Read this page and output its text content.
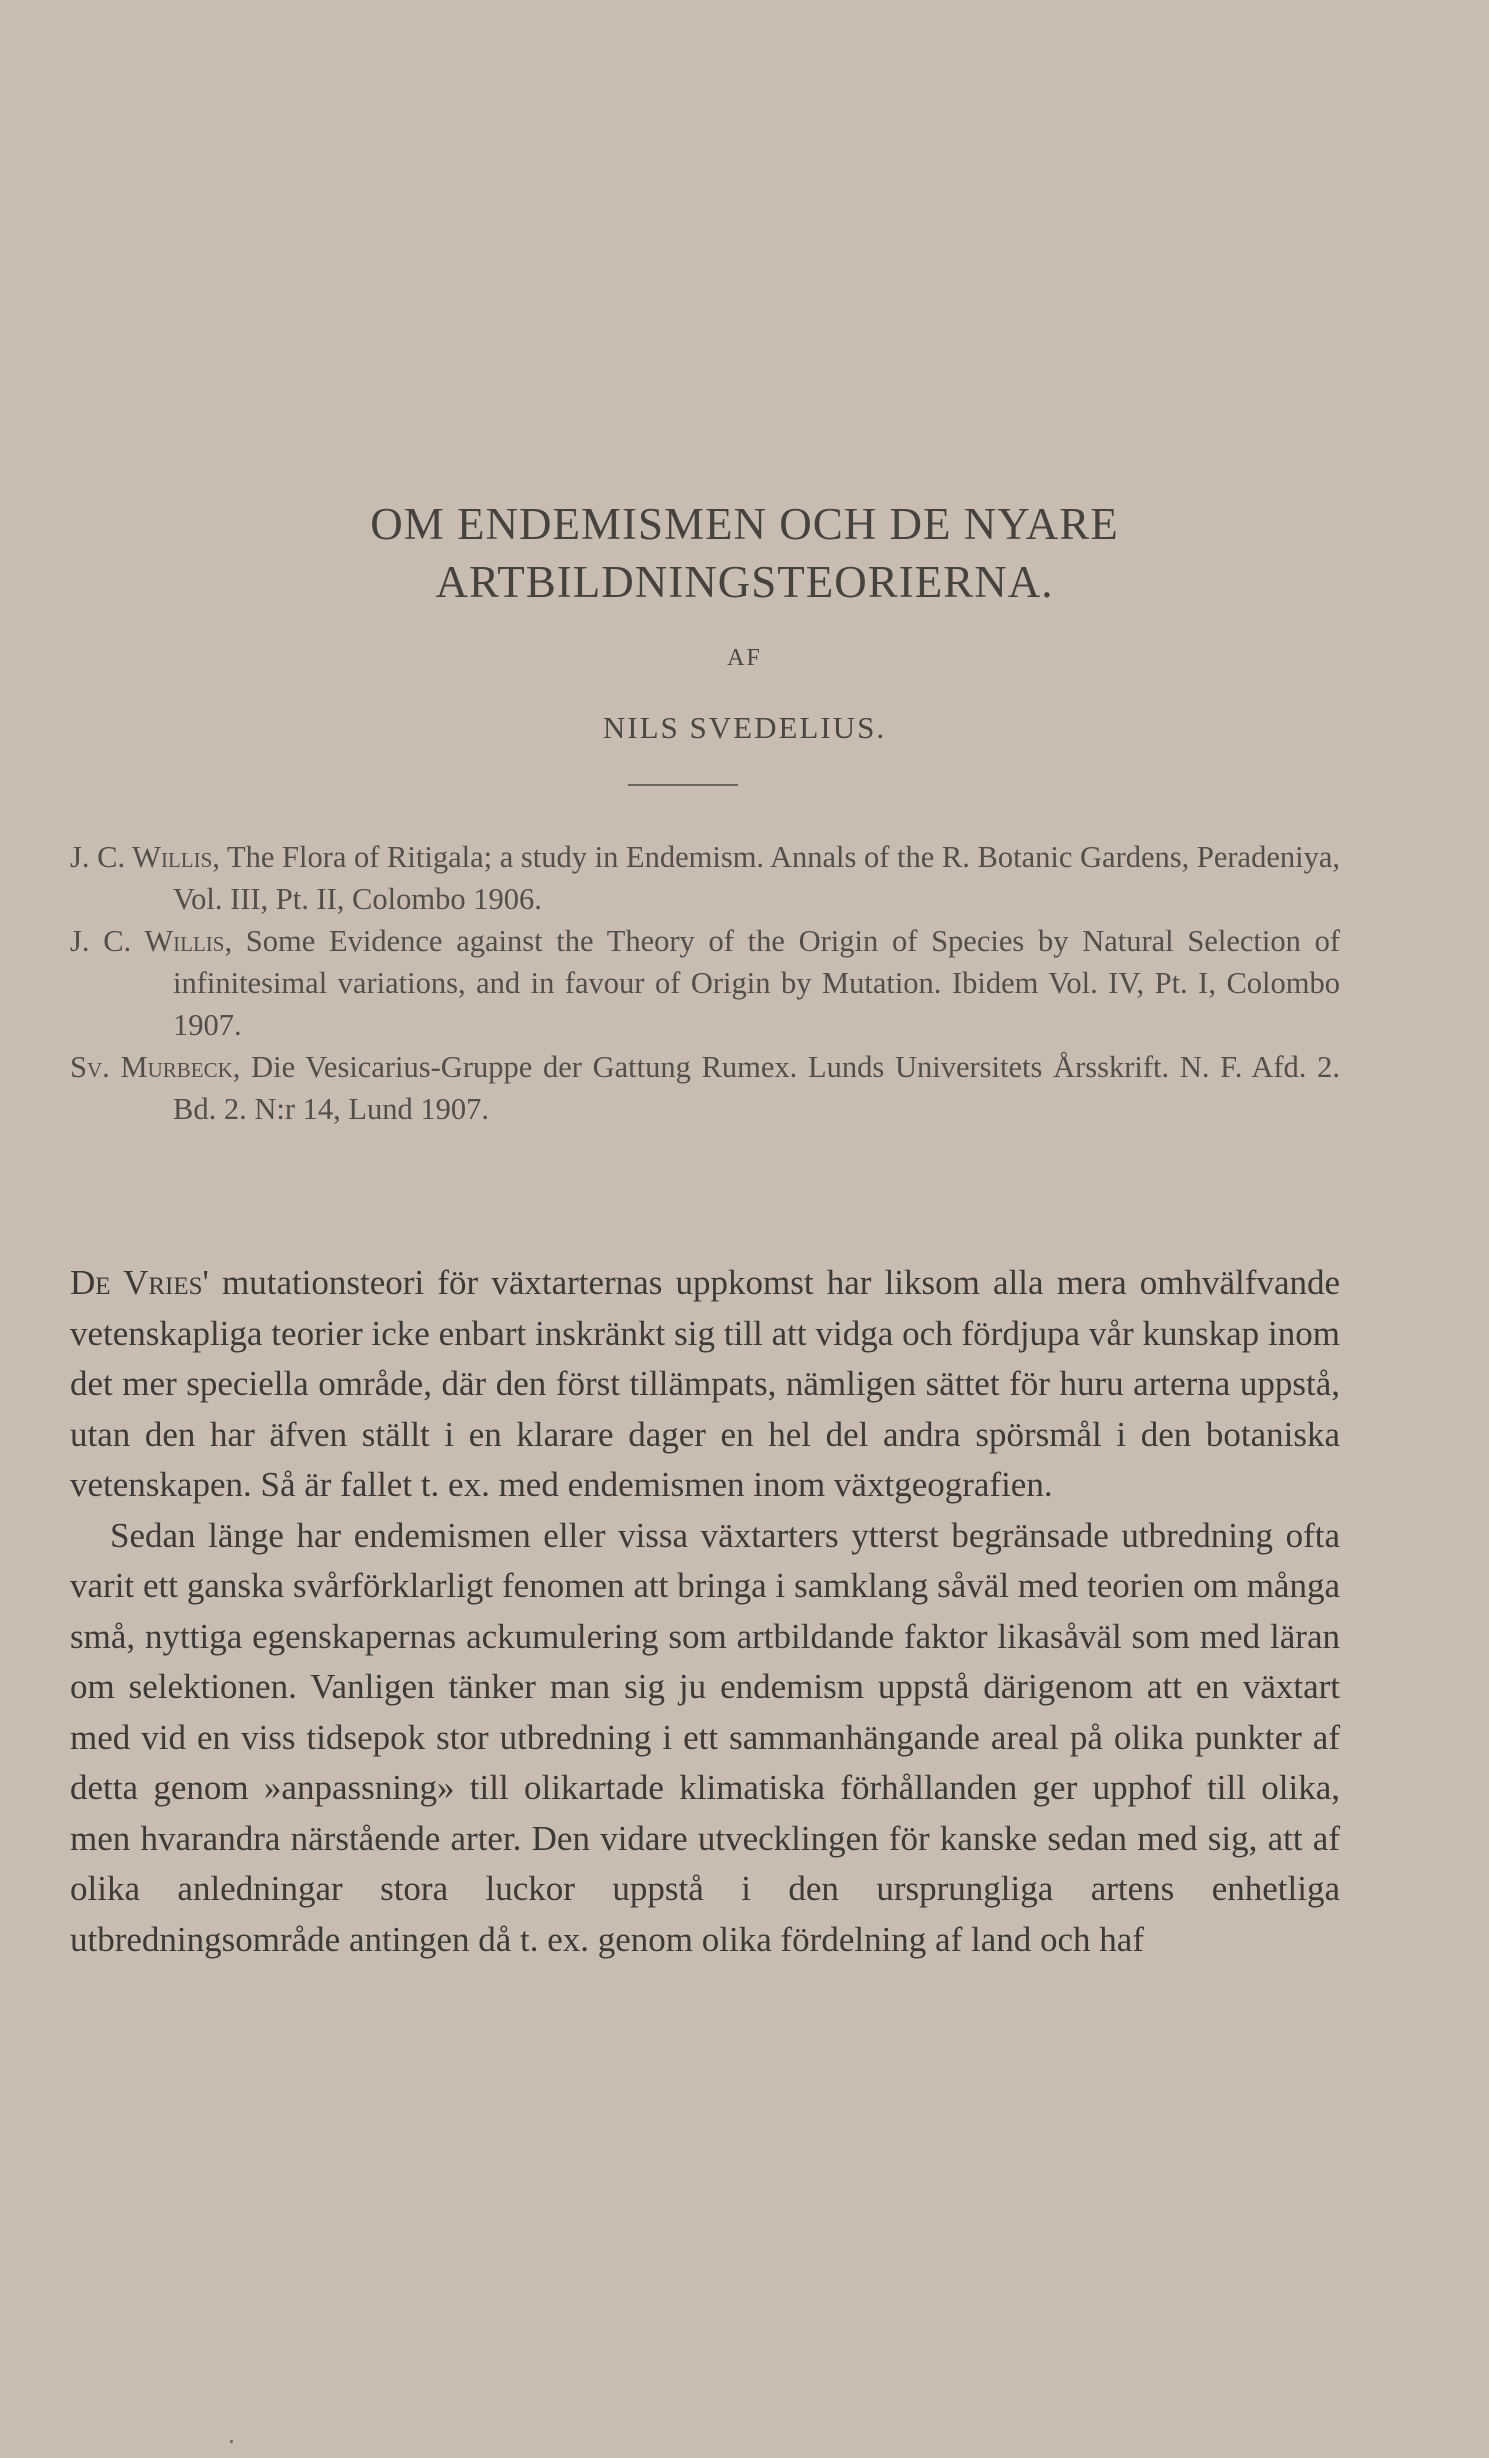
OM ENDEMISMEN OCH DE NYARE
ARTBILDNINGSTEORIERNA.
AF
NILS SVEDELIUS.
J. C. Willis, The Flora of Ritigala; a study in Endemism. Annals of the R. Botanic Gardens, Peradeniya, Vol. III, Pt. II, Colombo 1906.
J. C. Willis, Some Evidence against the Theory of the Origin of Species by Natural Selection of infinitesimal variations, and in favour of Origin by Mutation. Ibidem Vol. IV, Pt. I, Colombo 1907.
Sv. Murbeck, Die Vesicarius-Gruppe der Gattung Rumex. Lunds Universitets Årsskrift. N. F. Afd. 2. Bd. 2. N:r 14, Lund 1907.

De Vries' mutationsteori för växtarternas uppkomst har liksom alla mera omhvälfvande vetenskapliga teorier icke enbart inskränkt sig till att vidga och fördjupa vår kunskap inom det mer speciella område, där den först tillämpats, nämligen sättet för huru arterna uppstå, utan den har äfven ställt i en klarare dager en hel del andra spörsmål i den botaniska vetenskapen. Så är fallet t. ex. med endemismen inom växtgeografien.

Sedan länge har endemismen eller vissa växtarters ytterst begränsade utbredning ofta varit ett ganska svårförklarligt fenomen att bringa i samklang såväl med teorien om många små, nyttiga egenskapernas ackumulering som artbildande faktor likasåväl som med läran om selektionen. Vanligen tänker man sig ju endemism uppstå därigenom att en växtart med vid en viss tidsepok stor utbredning i ett sammanhängande areal på olika punkter af detta genom »anpassning» till olikartade klimatiska förhållanden ger upphof till olika, men hvarandra närstående arter. Den vidare utvecklingen för kanske sedan med sig, att af olika anledningar stora luckor uppstå i den ursprungliga artens enhetliga utbredningsområde antingen då t. ex. genom olika fördelning af land och haf
